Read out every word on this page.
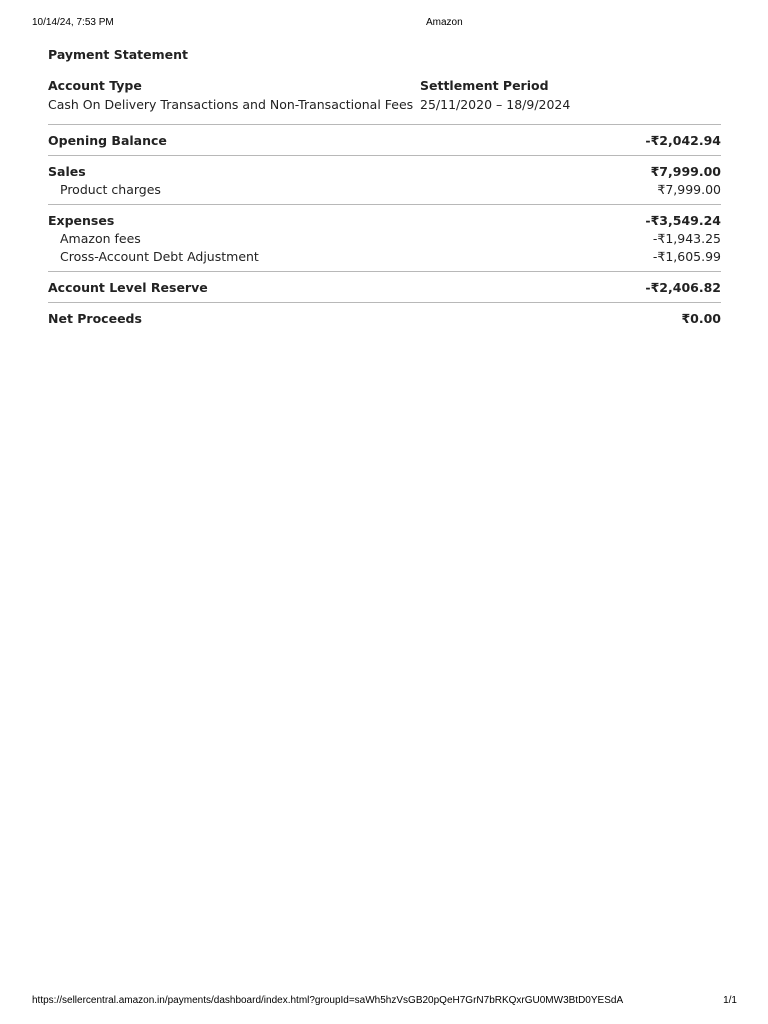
10/14/24, 7:53 PM	Amazon
Payment Statement
Account Type
Cash On Delivery Transactions and Non-Transactional Fees
Settlement Period
25/11/2020 – 18/9/2024
Opening Balance	-₹2,042.94
Sales	₹7,999.00
Product charges	₹7,999.00
Expenses	-₹3,549.24
Amazon fees	-₹1,943.25
Cross-Account Debt Adjustment	-₹1,605.99
Account Level Reserve	-₹2,406.82
Net Proceeds	₹0.00
https://sellercentral.amazon.in/payments/dashboard/index.html?groupId=saWh5hzVsGB20pQeH7GrN7bRKQxrGU0MW3BtD0YESdA	1/1
